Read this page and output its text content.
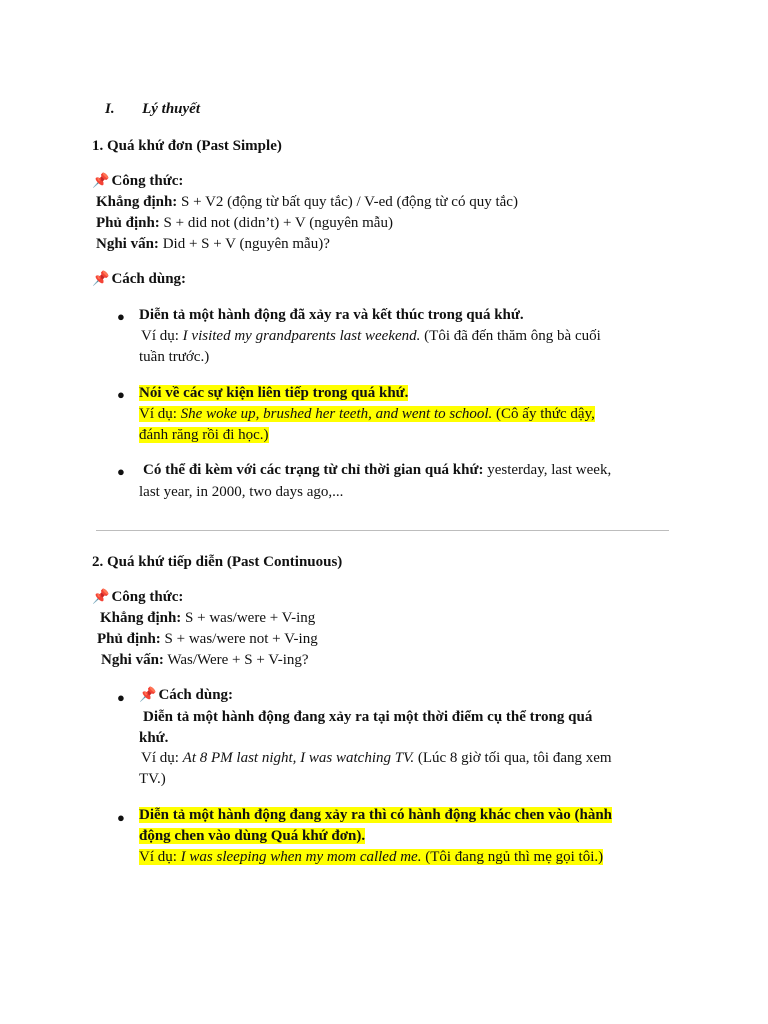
I. Lý thuyết
1. Quá khứ đơn (Past Simple)
📌 Công thức:
Khẳng định: S + V2 (động từ bất quy tắc) / V-ed (động từ có quy tắc)
Phủ định: S + did not (didn’t) + V (nguyên mẫu)
Nghi vấn: Did + S + V (nguyên mẫu)?
📌 Cách dùng:
● Diễn tả một hành động đã xảy ra và kết thúc trong quá khứ.
Ví dụ: I visited my grandparents last weekend. (Tôi đã đến thăm ông bà cuối
tuần trước.)
● Nói về các sự kiện liên tiếp trong quá khứ.
Ví dụ: She woke up, brushed her teeth, and went to school. (Cô ấy thức dậy,
đánh răng rồi đi học.)
● Có thể đi kèm với các trạng từ chỉ thời gian quá khứ: yesterday, last week,
last year, in 2000, two days ago,...
2. Quá khứ tiếp diễn (Past Continuous)
📌 Công thức:
Khẳng định: S + was/were + V-ing
Phủ định: S + was/were not + V-ing
Nghi vấn: Was/Were + S + V-ing?
● 📌 Cách dùng:
Diễn tả một hành động đang xảy ra tại một thời điểm cụ thể trong quá
khứ.
Ví dụ: At 8 PM last night, I was watching TV. (Lúc 8 giờ tối qua, tôi đang xem
TV.)
● Diễn tả một hành động đang xảy ra thì có hành động khác chen vào (hành
động chen vào dùng Quá khứ đơn).
Ví dụ: I was sleeping when my mom called me. (Tôi đang ngủ thì mẹ gọi tôi.)
